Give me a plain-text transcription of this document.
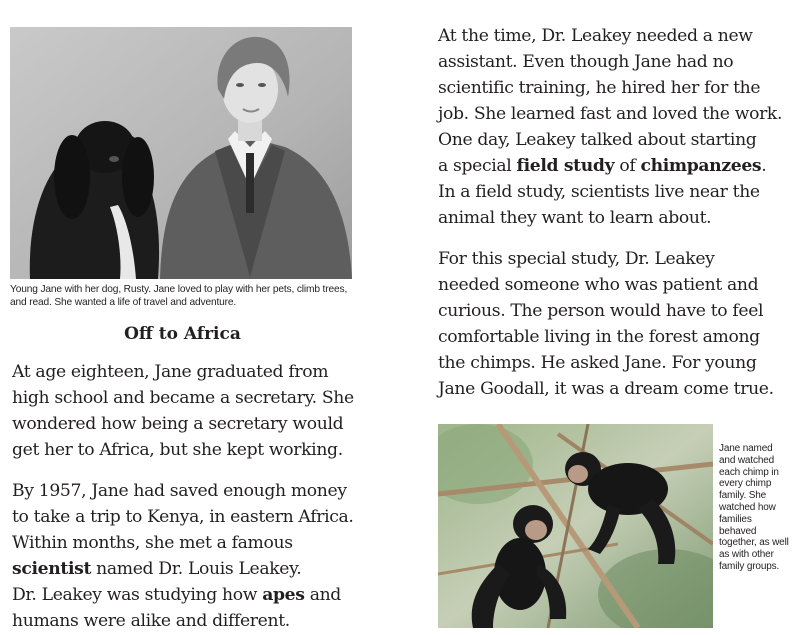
Young Jane with her dog, Rusty. Jane loved to play with her pets, climb trees, and read. She wanted a life of travel and adventure.
Off to Africa

At age eighteen, Jane graduated from
high school and became a secretary. She
wondered how being a secretary would
get her to Africa, but she kept working.

By 1957, Jane had saved enough money
to take a trip to Kenya, in eastern Africa.
Within months, she met a famous
scientist named Dr. Louis Leakey.
Dr. Leakey was studying how apes and
humans were alike and different.

At the time, Dr. Leakey needed a new
assistant. Even though Jane had no
scientific training, he hired her for the
job. She learned fast and loved the work.
One day, Leakey talked about starting
a special field study of chimpanzees.
In a field study, scientists live near the
animal they want to learn about.

For this special study, Dr. Leakey
needed someone who was patient and
curious. The person would have to feel
comfortable living in the forest among
the chimps. He asked Jane. For young
Jane Goodall, it was a dream come true.

Jane named and watched each chimp in every chimp family. She watched how families behaved together, as well as with other family groups.
